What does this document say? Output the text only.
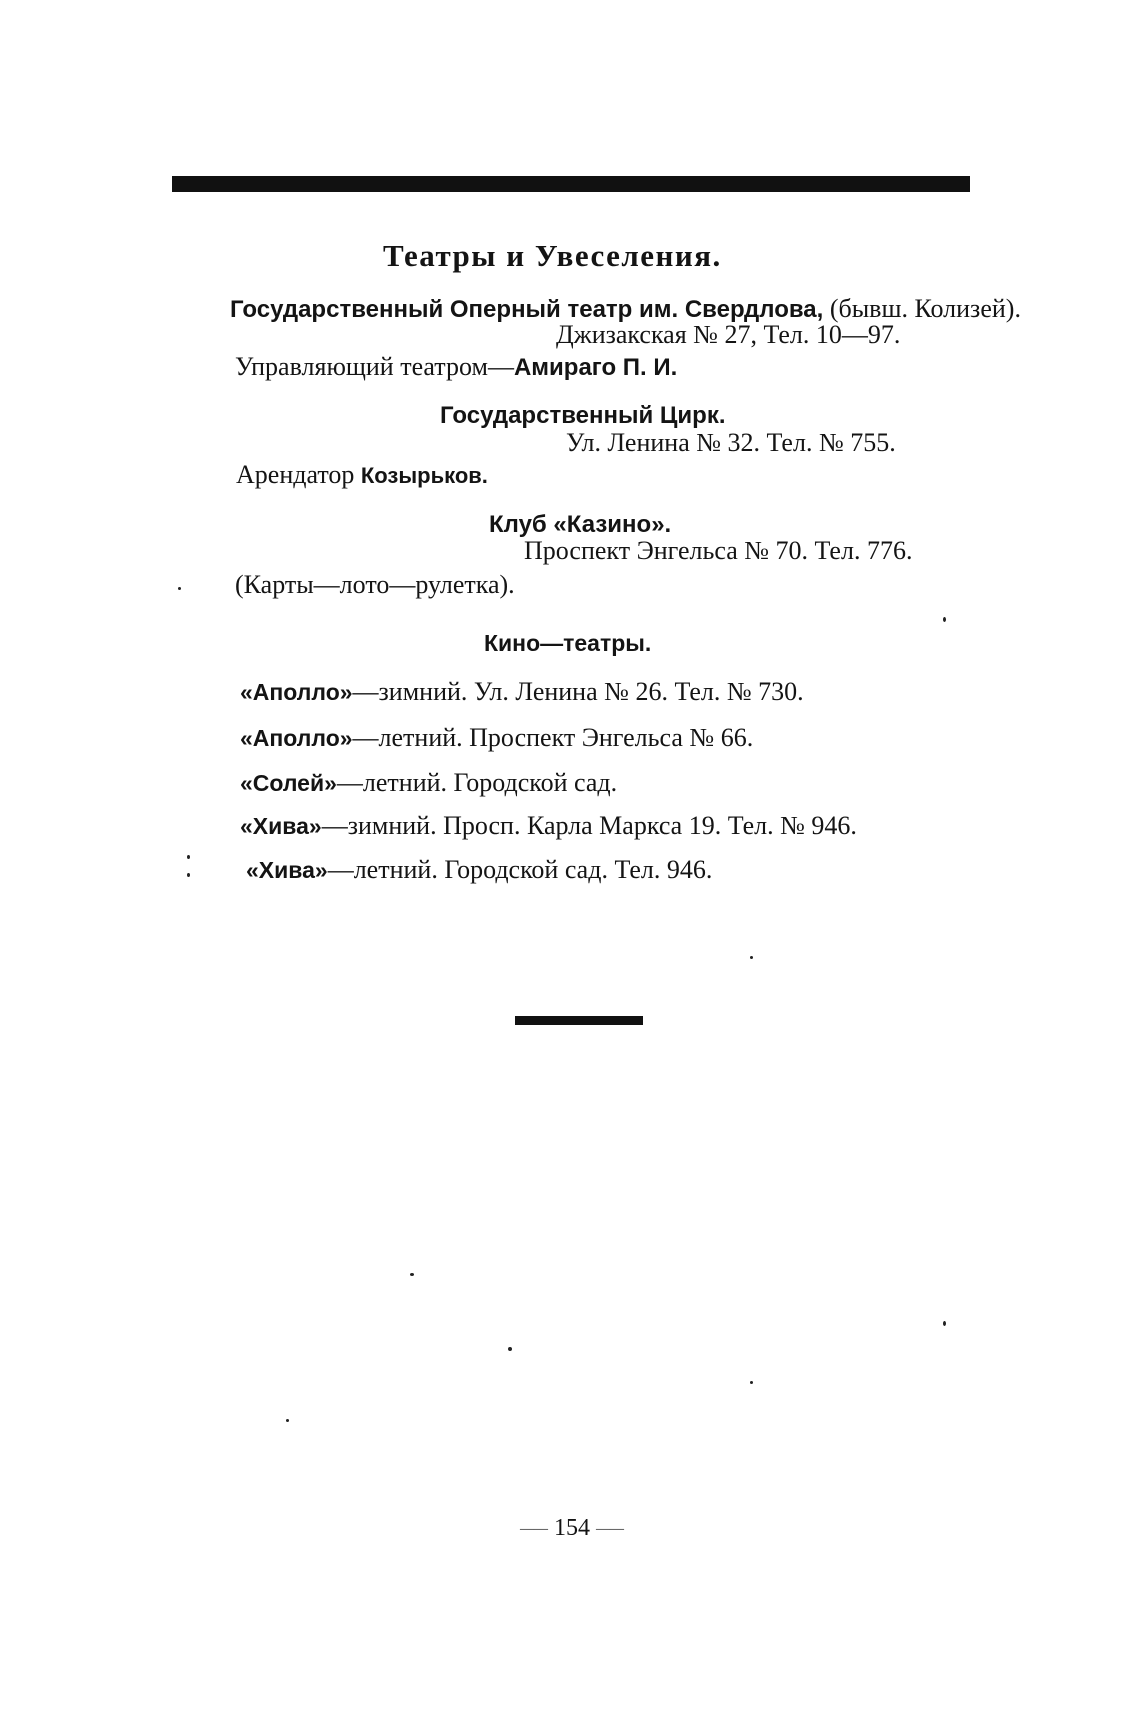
Театры и Увеселения.
Государственный Оперный театр им. Свердлова, (бывш. Колизей).
Джизакская № 27, Тел. 10—97.
Управляющий театром—Амираго П. И.
Государственный Цирк.
Ул. Ленина № 32. Тел. № 755.
Арендатор Козырьков.
Клуб «Казино».
Проспект Энгельса № 70. Тел. 776.
(Карты—лото—рулетка).
Кино—театры.
«Аполло»—зимний. Ул. Ленина № 26. Тел. № 730.
«Аполло»—летний. Проспект Энгельса № 66.
«Солей»—летний. Городской сад.
«Хива»—зимний. Просп. Карла Маркса 19. Тел. № 946.
«Хива»—летний. Городской сад. Тел. 946.
—— 154 ——
